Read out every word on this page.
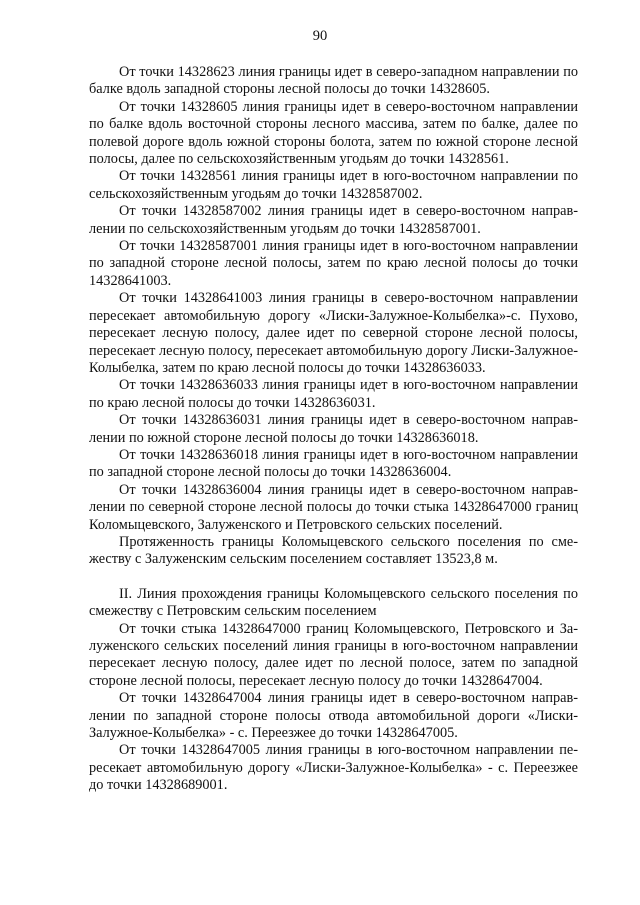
90

От точки 14328623 линия границы идет в северо-западном направлении по балке вдоль западной стороны лесной полосы до точки 14328605.

От точки 14328605 линия границы идет в северо-восточном направлении по балке вдоль восточной стороны лесного массива, затем по балке, далее по полевой дороге вдоль южной стороны болота, затем по южной стороне лесной полосы, далее по сельскохозяйственным угодьям до точки 14328561.

От точки 14328561 линия границы идет в юго-восточном направлении по сельскохозяйственным угодьям до точки 14328587002.

От точки 14328587002 линия границы идет в северо-восточном направлении по сельскохозяйственным угодьям до точки 14328587001.

От точки 14328587001 линия границы идет в юго-восточном направлении по западной стороне лесной полосы, затем по краю лесной полосы до точки 14328641003.

От точки 14328641003 линия границы в северо-восточном направлении пересекает автомобильную дорогу «Лиски-Залужное-Колыбелка»-с. Пухово, пересекает лесную полосу, далее идет по северной стороне лесной полосы, пересекает лесную полосу, пересекает автомобильную дорогу Лиски-Залужное-Колыбелка, затем по краю лесной полосы до точки 14328636033.

От точки 14328636033 линия границы идет в юго-восточном направлении по краю лесной полосы до точки 14328636031.

От точки 14328636031 линия границы идет в северо-восточном направлении по южной стороне лесной полосы до точки 14328636018.

От точки 14328636018 линия границы идет в юго-восточном направлении по западной стороне лесной полосы до точки 14328636004.

От точки 14328636004 линия границы идет в северо-восточном направлении по северной стороне лесной полосы до точки стыка 14328647000 границ Коломыцевского, Залуженского и Петровского сельских поселений.

Протяженность границы Коломыцевского сельского поселения по смежеству с Залуженским сельским поселением составляет 13523,8 м.

II. Линия прохождения границы Коломыцевского сельского поселения по смежеству с Петровским сельским поселением

От точки стыка 14328647000 границ Коломыцевского, Петровского и Залуженского сельских поселений линия границы в юго-восточном направлении пересекает лесную полосу, далее идет по лесной полосе, затем по западной стороне лесной полосы, пересекает лесную полосу до точки 14328647004.

От точки 14328647004 линия границы идет в северо-восточном направлении по западной стороне полосы отвода автомобильной дороги «Лиски-Залужное-Колыбелка» - с. Переезжее до точки 14328647005.

От точки 14328647005 линия границы в юго-восточном направлении пересекает автомобильную дорогу «Лиски-Залужное-Колыбелка» - с. Переезжее до точки 14328689001.
